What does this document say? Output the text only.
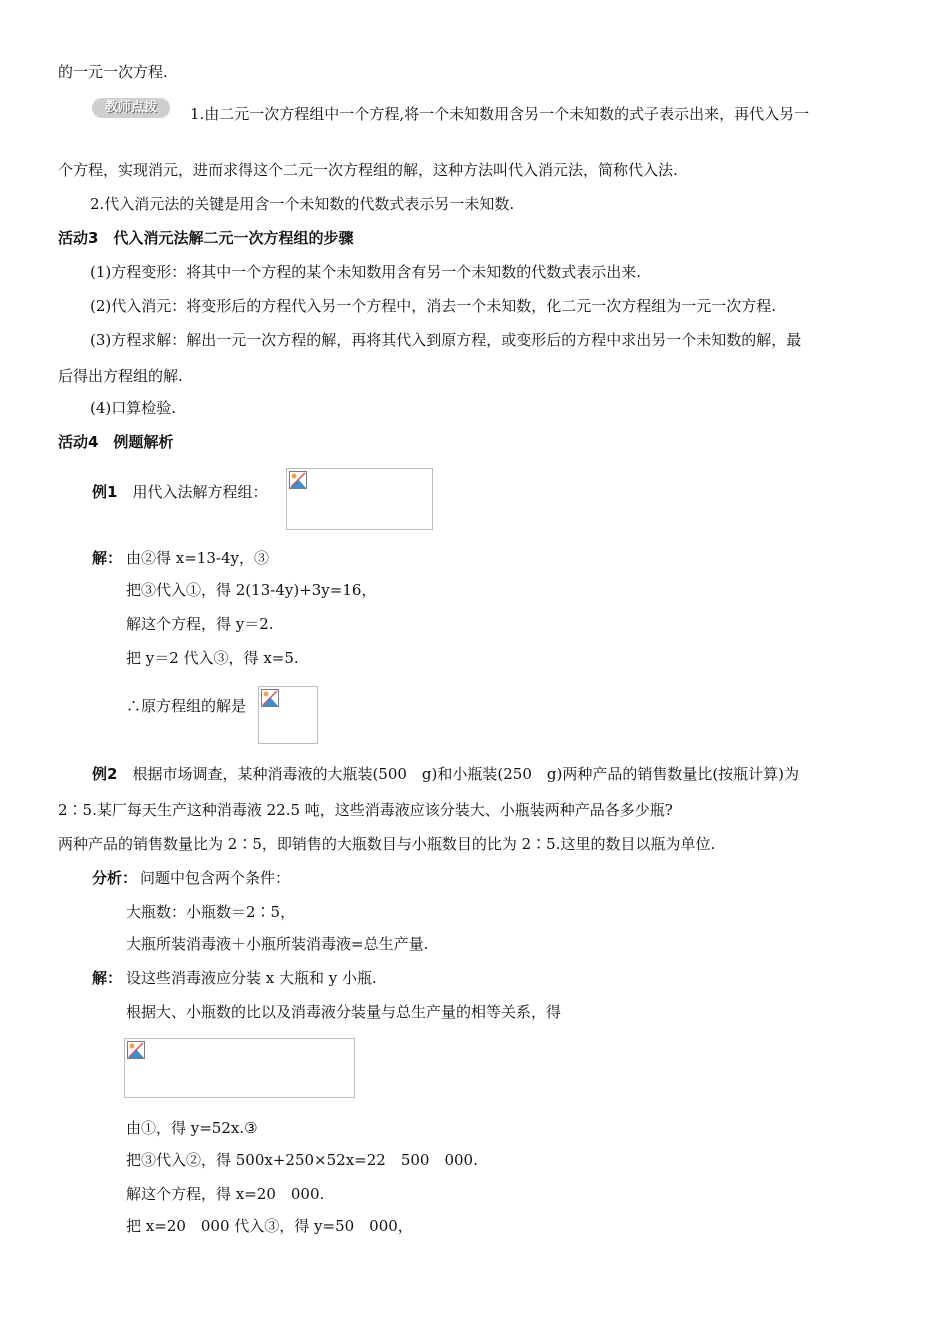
的一元一次方程.
教师点拨	1.由二元一次方程组中一个方程,将一个未知数用含另一个未知数的式子表示出来，再代入另一
个方程，实现消元，进而求得这个二元一次方程组的解，这种方法叫代入消元法，简称代入法.
2.代入消元法的关键是用含一个未知数的代数式表示另一未知数.
活动3　代入消元法解二元一次方程组的步骤
(1)方程变形：将其中一个方程的某个未知数用含有另一个未知数的代数式表示出来.
(2)代入消元：将变形后的方程代入另一个方程中，消去一个未知数，化二元一次方程组为一元一次方程.
(3)方程求解：解出一元一次方程的解，再将其代入到原方程，或变形后的方程中求出另一个未知数的解，最
后得出方程组的解.
(4)口算检验.
活动4　例题解析
例1　用代入法解方程组：
解： 由②得 x=13-4y，③
把③代入①，得 2(13-4y)+3y=16，
解这个方程，得 y＝2.
把 y＝2 代入③，得 x=5.
∴原方程组的解是
例2　根据市场调查，某种消毒液的大瓶装(500　g)和小瓶装(250　g)两种产品的销售数量比(按瓶计算)为
2∶5.某厂每天生产这种消毒液 22.5 吨，这些消毒液应该分装大、小瓶装两种产品各多少瓶?
两种产品的销售数量比为 2∶5，即销售的大瓶数目与小瓶数目的比为 2∶5.这里的数目以瓶为单位.
分析： 问题中包含两个条件：
大瓶数：小瓶数＝2∶5，
大瓶所装消毒液＋小瓶所装消毒液=总生产量.
解： 设这些消毒液应分装 x 大瓶和 y 小瓶.
根据大、小瓶数的比以及消毒液分装量与总生产量的相等关系，得
由①，得 y=52x.③
把③代入②，得 500x+250×52x=22　500　000.
解这个方程，得 x=20　000.
把 x=20　000 代入③，得 y=50　000，
